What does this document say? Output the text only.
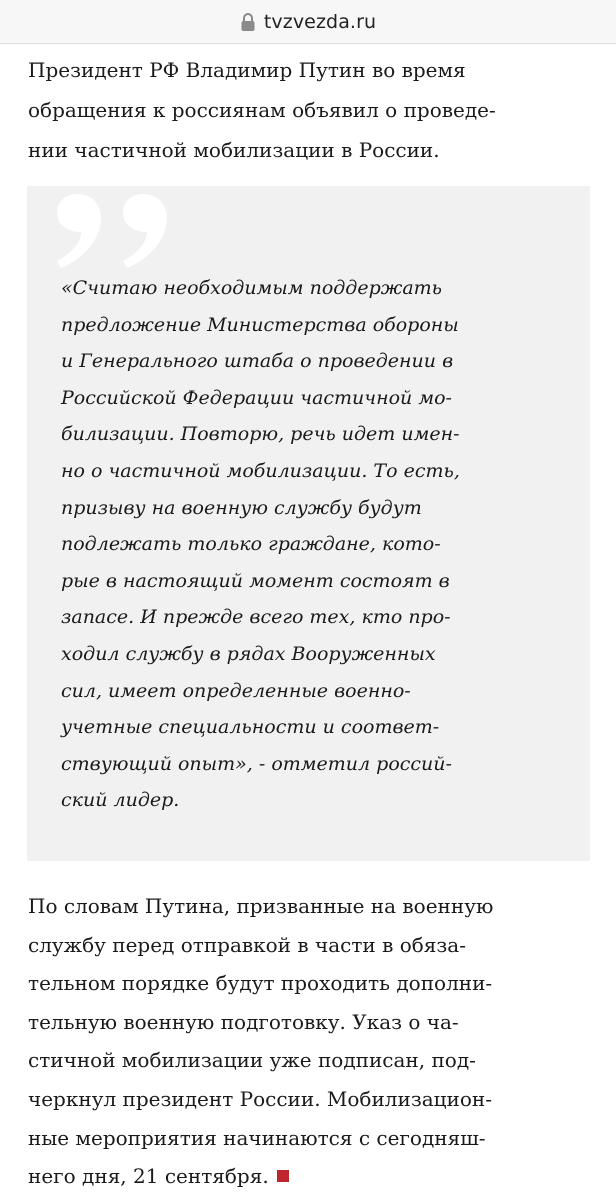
tvzvezda.ru

Президент РФ Владимир Путин во время
обращения к россиянам объявил о проведе-
нии частичной мобилизации в России.

«Считаю необходимым поддержать
предложение Министерства обороны
и Генерального штаба о проведении в
Российской Федерации частичной мо-
билизации. Повторю, речь идет имен-
но о частичной мобилизации. То есть,
призыву на военную службу будут
подлежать только граждане, кото-
рые в настоящий момент состоят в
запасе. И прежде всего тех, кто про-
ходил службу в рядах Вооруженных
сил, имеет определенные военно-
учетные специальности и соответ-
ствующий опыт», - отметил россий-
ский лидер.

По словам Путина, призванные на военную
службу перед отправкой в части в обяза-
тельном порядке будут проходить дополни-
тельную военную подготовку. Указ о ча-
стичной мобилизации уже подписан, под-
черкнул президент России. Мобилизацион-
ные мероприятия начинаются с сегодняш-
него дня, 21 сентября.
